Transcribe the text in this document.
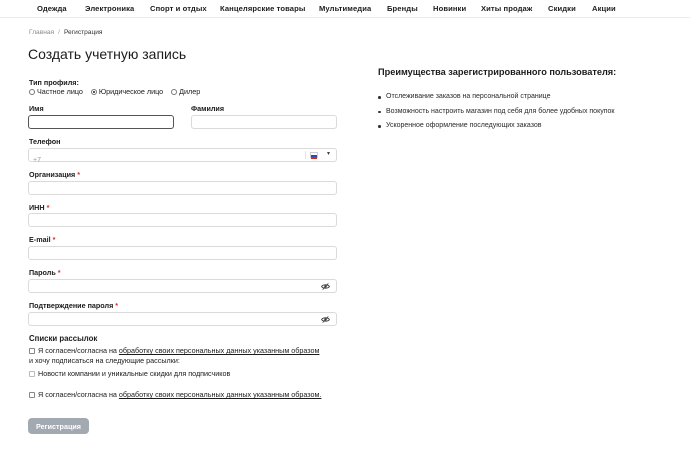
Одежда Электроника Спорт и отдых Канцелярские товары Мультимедиа Бренды Новинки Хиты продаж Скидки Акции
Главная / Регистрация
Создать учетную запись
Тип профиля:
Частное лицо
Юридическое лицо
Дилер
Имя	Фамилия
Телефон
+7
▾
Организация *
ИНН *
E-mail *
Пароль *
Подтверждение пароля *
Списки рассылок
Я согласен/согласна на обработку своих персональных данных указанным образом
и хочу подписаться на следующие рассылки:
Новости компании и уникальные скидки для подписчиков
Я согласен/согласна на обработку своих персональных данных указанным образом.
Регистрация
Преимущества зарегистрированного пользователя:
Отслеживание заказов на персональной странице
Возможность настроить магазин под себя для более удобных покупок
Ускоренное оформление последующих заказов
